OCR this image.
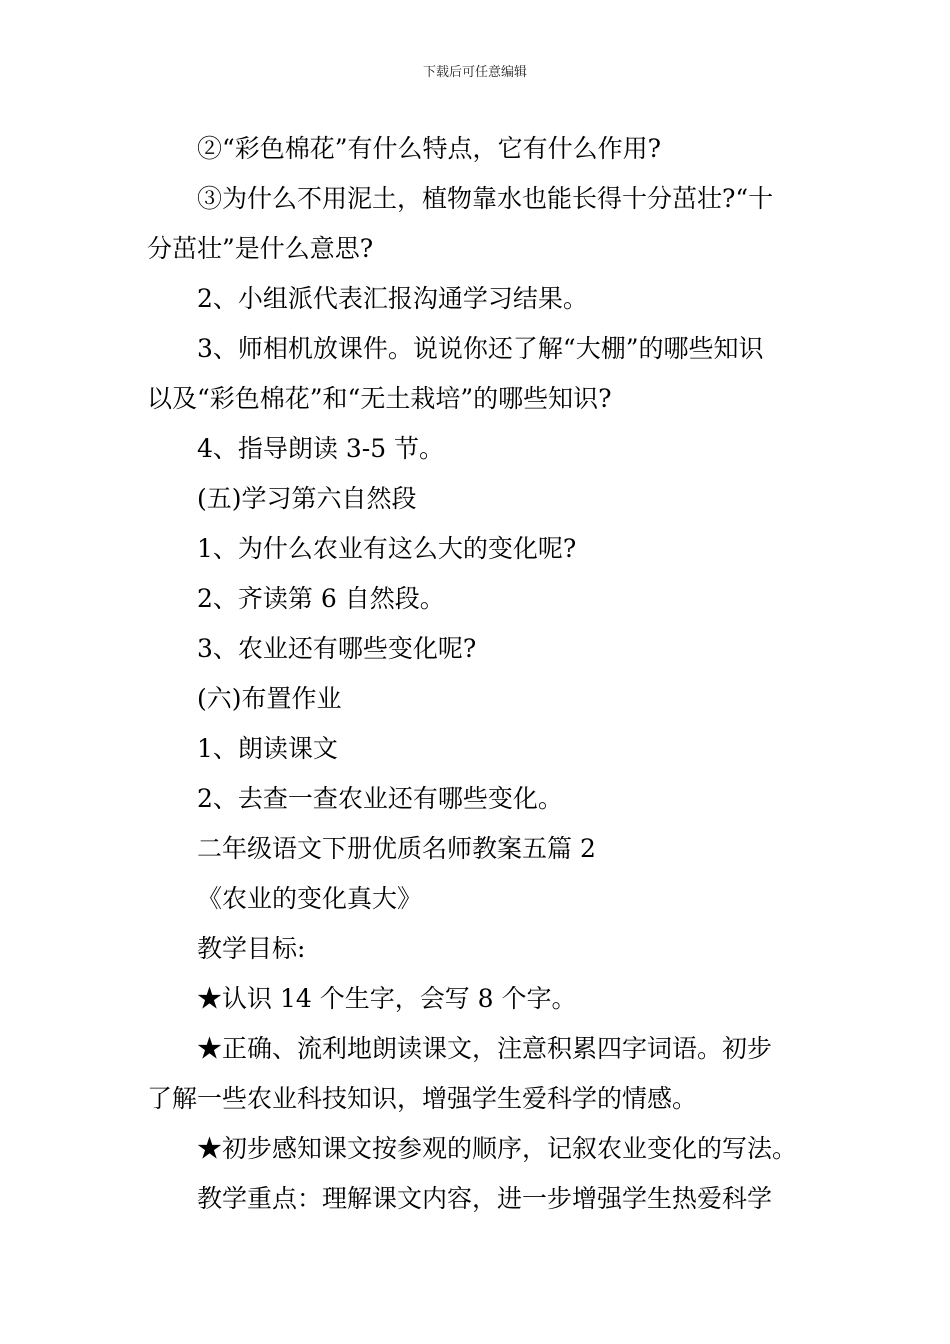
下载后可任意编辑
②“彩色棉花”有什么特点，它有什么作用?
③为什么不用泥土，植物靠水也能长得十分茁壮?“十
分茁壮”是什么意思?
2、小组派代表汇报沟通学习结果。
3、师相机放课件。说说你还了解“大棚”的哪些知识
以及“彩色棉花”和“无土栽培”的哪些知识?
4、指导朗读 3-5 节。
(五)学习第六自然段
1、为什么农业有这么大的变化呢?
2、齐读第 6 自然段。
3、农业还有哪些变化呢?
(六)布置作业
1、朗读课文
2、去查一查农业还有哪些变化。
二年级语文下册优质名师教案五篇 2
《农业的变化真大》
教学目标:
★认识 14 个生字，会写 8 个字。
★正确、流利地朗读课文，注意积累四字词语。初步
了解一些农业科技知识，增强学生爱科学的情感。
★初步感知课文按参观的顺序，记叙农业变化的写法。
教学重点：理解课文内容，进一步增强学生热爱科学
